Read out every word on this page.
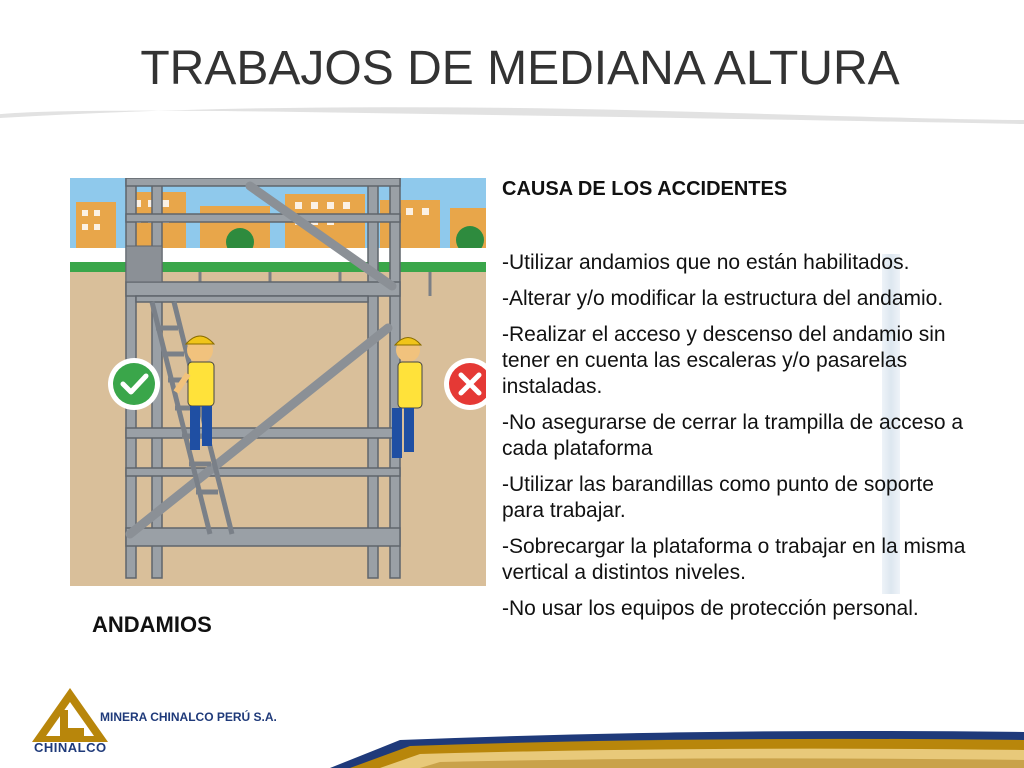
TRABAJOS DE MEDIANA ALTURA
ANDAMIOS
CAUSA DE LOS ACCIDENTES
-Utilizar andamios que no están habilitados.
-Alterar y/o modificar la estructura del andamio.
-Realizar el acceso y descenso del andamio sin tener en cuenta las escaleras y/o pasarelas instaladas.
-No asegurarse de cerrar la trampilla de acceso a cada plataforma
-Utilizar las barandillas como punto de soporte para trabajar.
-Sobrecargar la plataforma o trabajar en la misma vertical a distintos niveles.
-No usar los equipos de protección personal.
CHINALCO
MINERA CHINALCO PERÚ S.A.
